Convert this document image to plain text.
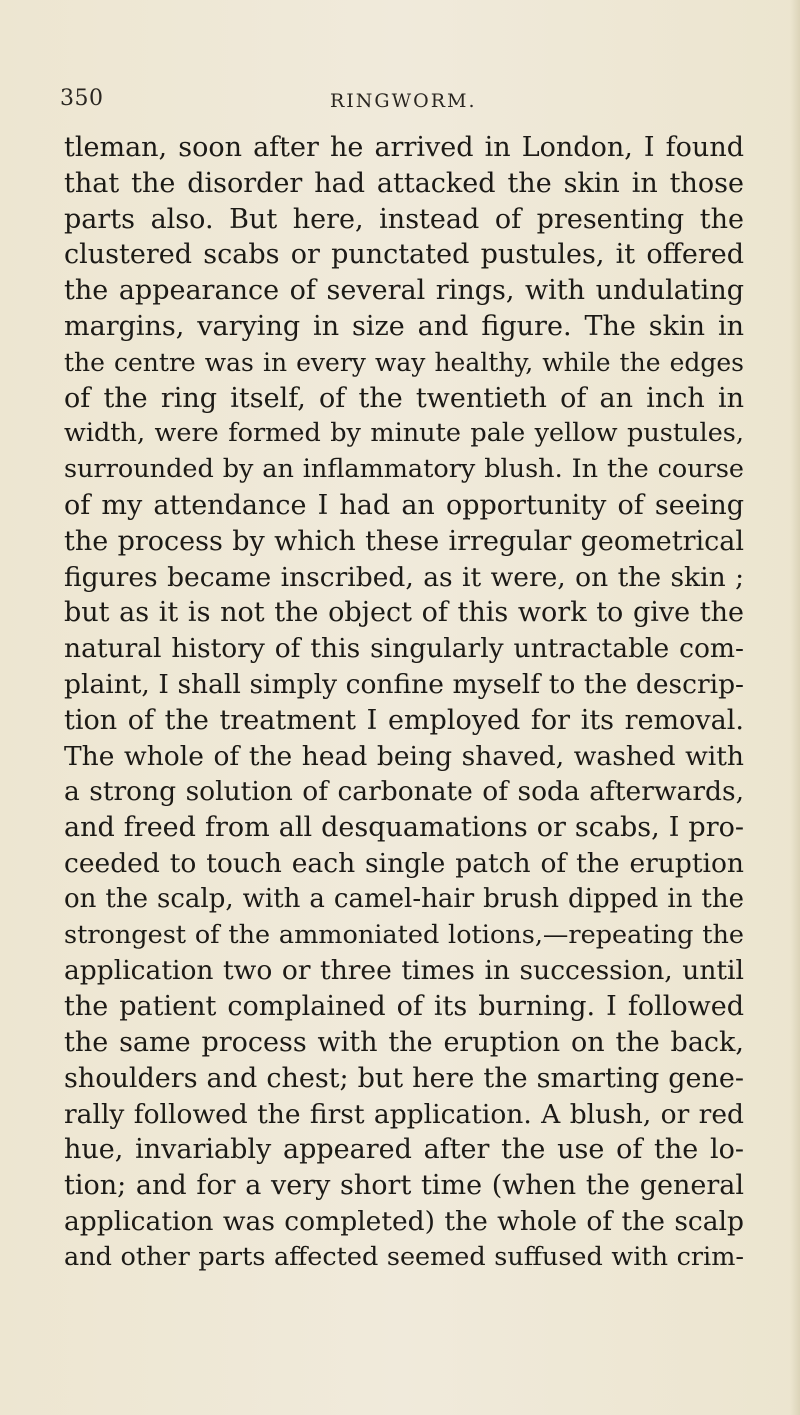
350	RINGWORM.
tleman, soon after he arrived in London, I found
that the disorder had attacked the skin in those
parts also. But here, instead of presenting the
clustered scabs or punctated pustules, it offered
the appearance of several rings, with undulating
margins, varying in size and figure. The skin in
the centre was in every way healthy, while the edges
of the ring itself, of the twentieth of an inch in
width, were formed by minute pale yellow pustules,
surrounded by an inflammatory blush. In the course
of my attendance I had an opportunity of seeing
the process by which these irregular geometrical
figures became inscribed, as it were, on the skin ;
but as it is not the object of this work to give the
natural history of this singularly untractable com-
plaint, I shall simply confine myself to the descrip-
tion of the treatment I employed for its removal.
The whole of the head being shaved, washed with
a strong solution of carbonate of soda afterwards,
and freed from all desquamations or scabs, I pro-
ceeded to touch each single patch of the eruption
on the scalp, with a camel-hair brush dipped in the
strongest of the ammoniated lotions,—repeating the
application two or three times in succession, until
the patient complained of its burning. I followed
the same process with the eruption on the back,
shoulders and chest; but here the smarting gene-
rally followed the first application. A blush, or red
hue, invariably appeared after the use of the lo-
tion; and for a very short time (when the general
application was completed) the whole of the scalp
and other parts affected seemed suffused with crim-
